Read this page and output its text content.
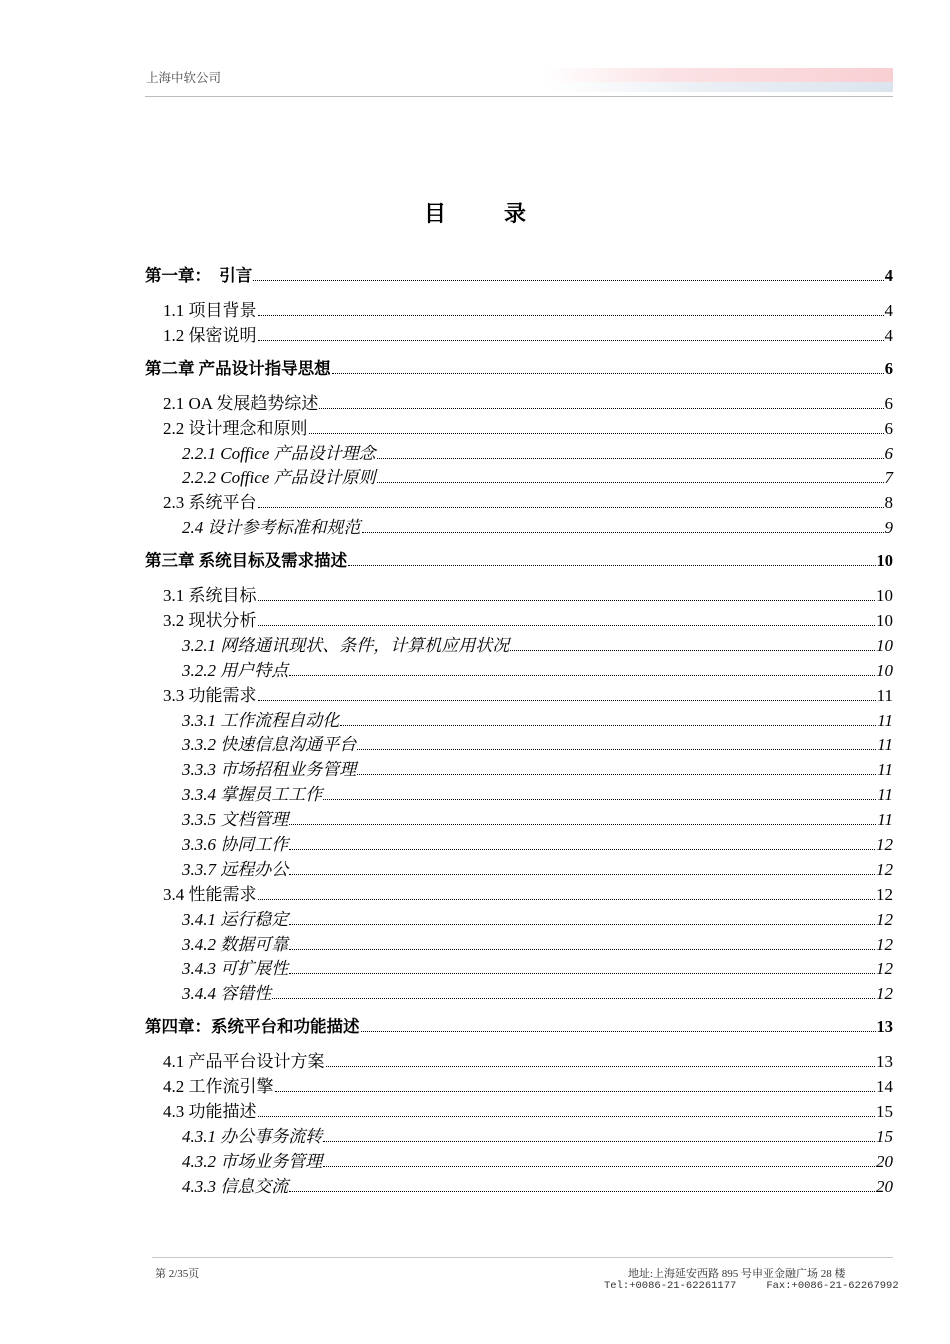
上海中软公司
目录
第一章：　引言	4
1.1 项目背景	4
1.2 保密说明	4
第二章 产品设计指导思想	6
2.1 OA 发展趋势综述	6
2.2 设计理念和原则	6
2.2.1 Coffice 产品设计理念	6
2.2.2 Coffice 产品设计原则	7
2.3 系统平台	8
2.4 设计参考标准和规范	9
第三章 系统目标及需求描述	10
3.1 系统目标	10
3.2 现状分析	10
3.2.1 网络通讯现状、条件，计算机应用状况	10
3.2.2 用户特点	10
3.3 功能需求	11
3.3.1 工作流程自动化	11
3.3.2 快速信息沟通平台	11
3.3.3 市场招租业务管理	11
3.3.4 掌握员工工作	11
3.3.5 文档管理	11
3.3.6 协同工作	12
3.3.7 远程办公	12
3.4 性能需求	12
3.4.1 运行稳定	12
3.4.2 数据可靠	12
3.4.3 可扩展性	12
3.4.4 容错性	12
第四章：系统平台和功能描述	13
4.1 产品平台设计方案	13
4.2 工作流引擎	14
4.3 功能描述	15
4.3.1 办公事务流转	15
4.3.2 市场业务管理	20
4.3.3 信息交流	20
第 2/35页	地址:上海延安西路 895 号申亚金融广场 28 楼
Tel:+0086-21-62261177	Fax:+0086-21-62267992
